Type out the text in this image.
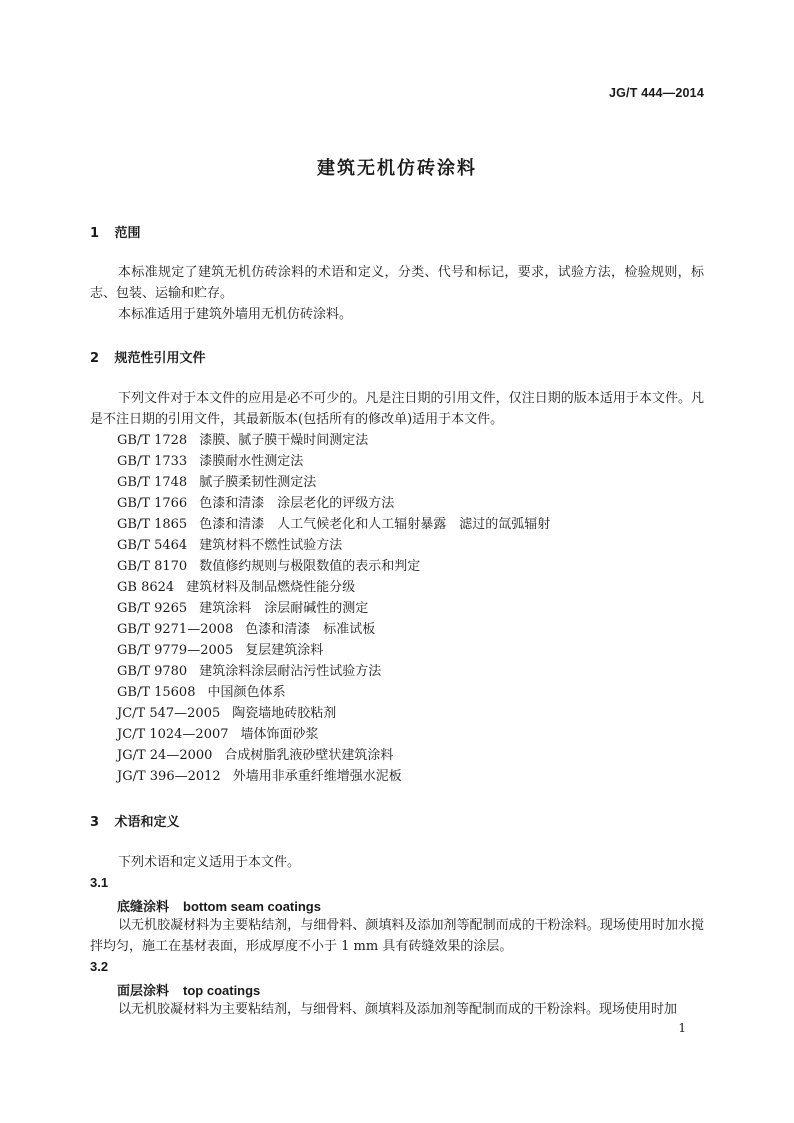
JG/T 444—2014
建筑无机仿砖涂料
1 范围
本标准规定了建筑无机仿砖涂料的术语和定义，分类、代号和标记，要求，试验方法，检验规则，标志、包装、运输和贮存。
本标准适用于建筑外墙用无机仿砖涂料。
2 规范性引用文件
下列文件对于本文件的应用是必不可少的。凡是注日期的引用文件，仅注日期的版本适用于本文件。凡是不注日期的引用文件，其最新版本(包括所有的修改单)适用于本文件。
GB/T 1728 漆膜、腻子膜干燥时间测定法
GB/T 1733 漆膜耐水性测定法
GB/T 1748 腻子膜柔韧性测定法
GB/T 1766 色漆和清漆　涂层老化的评级方法
GB/T 1865 色漆和清漆　人工气候老化和人工辐射暴露　滤过的氙弧辐射
GB/T 5464 建筑材料不燃性试验方法
GB/T 8170 数值修约规则与极限数值的表示和判定
GB 8624 建筑材料及制品燃烧性能分级
GB/T 9265 建筑涂料　涂层耐碱性的测定
GB/T 9271—2008 色漆和清漆　标准试板
GB/T 9779—2005 复层建筑涂料
GB/T 9780 建筑涂料涂层耐沾污性试验方法
GB/T 15608 中国颜色体系
JC/T 547—2005 陶瓷墙地砖胶粘剂
JC/T 1024—2007 墙体饰面砂浆
JG/T 24—2000 合成树脂乳液砂壁状建筑涂料
JG/T 396—2012 外墙用非承重纤维增强水泥板
3 术语和定义
下列术语和定义适用于本文件。
3.1
底缝涂料 bottom seam coatings
以无机胶凝材料为主要粘结剂，与细骨料、颜填料及添加剂等配制而成的干粉涂料。现场使用时加水搅拌均匀，施工在基材表面，形成厚度不小于 1 mm 具有砖缝效果的涂层。
3.2
面层涂料 top coatings
以无机胶凝材料为主要粘结剂，与细骨料、颜填料及添加剂等配制而成的干粉涂料。现场使用时加
1
